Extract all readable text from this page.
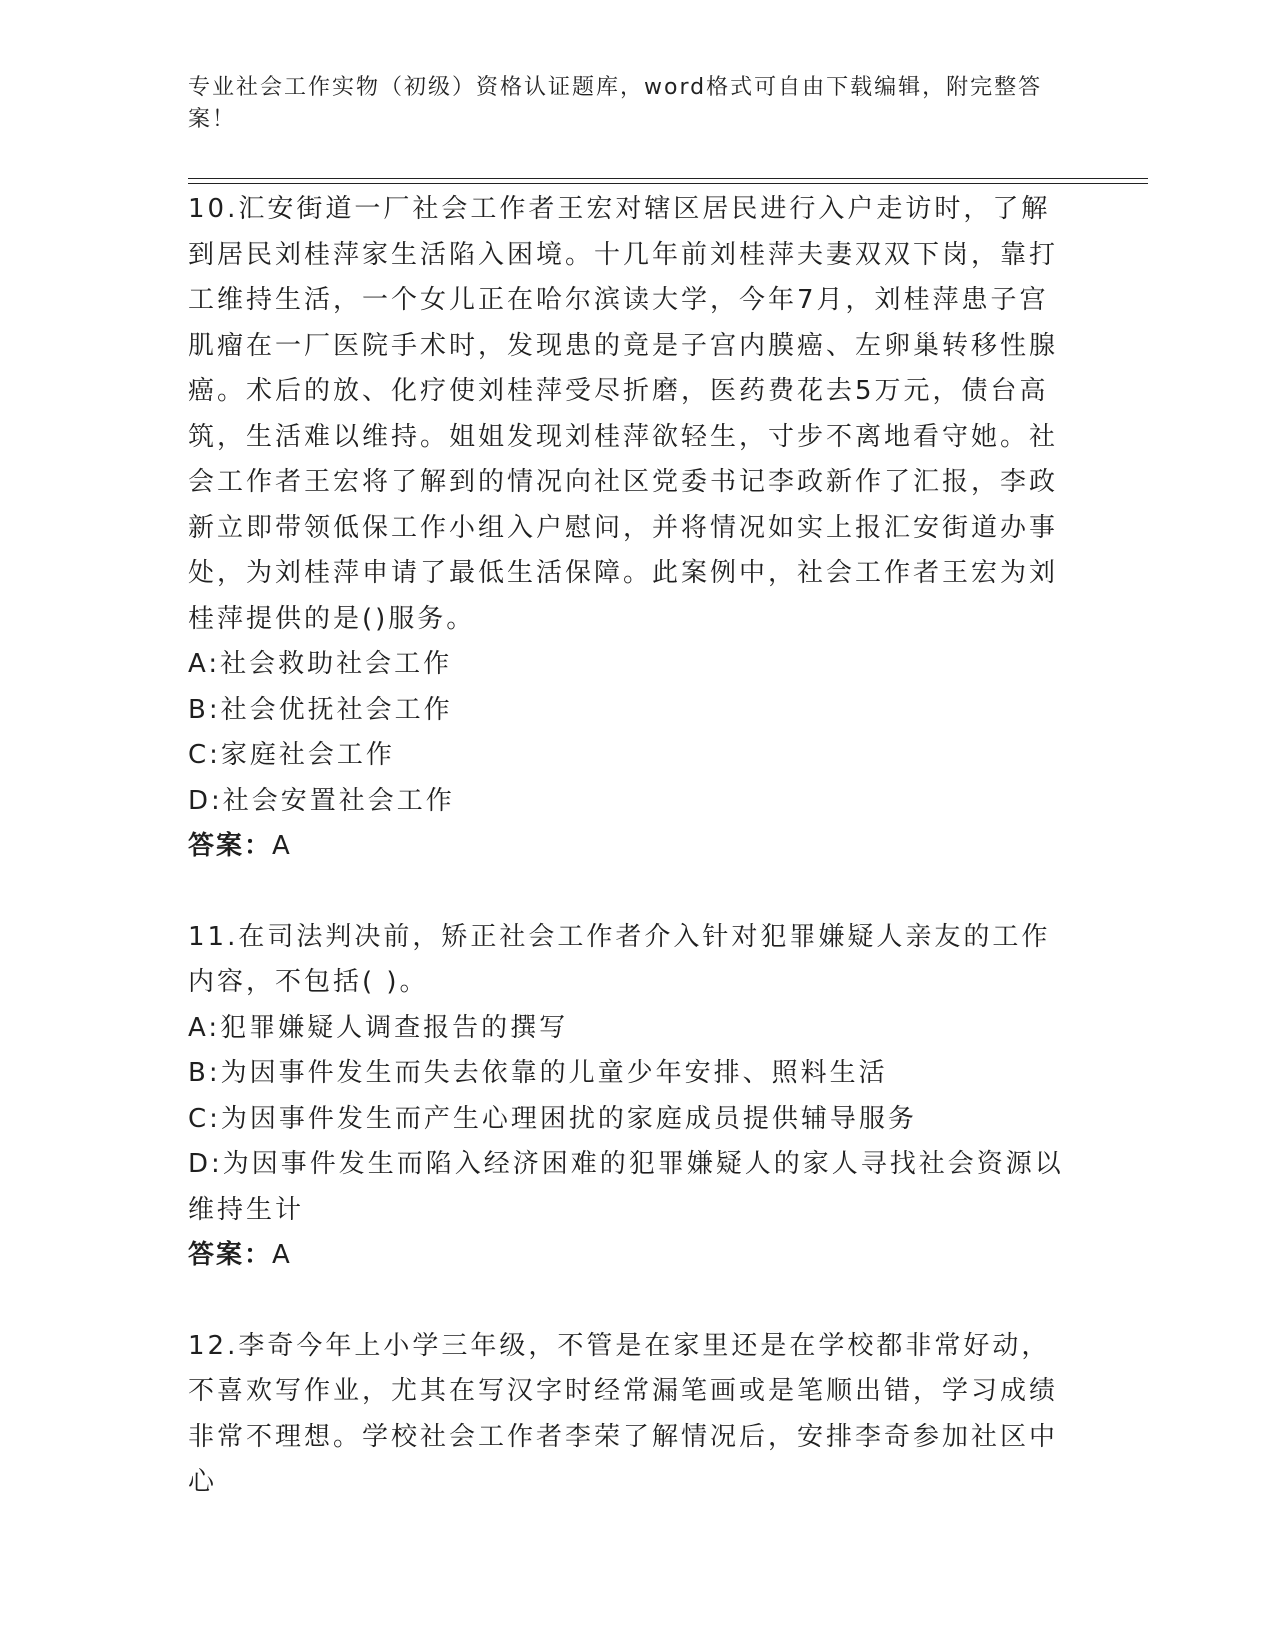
专业社会工作实物（初级）资格认证题库，word格式可自由下载编辑，附完整答案！

10.汇安街道一厂社会工作者王宏对辖区居民进行入户走访时，了解到居民刘桂萍家生活陷入困境。十几年前刘桂萍夫妻双双下岗，靠打工维持生活，一个女儿正在哈尔滨读大学，今年7月，刘桂萍患子宫肌瘤在一厂医院手术时，发现患的竟是子宫内膜癌、左卵巢转移性腺癌。术后的放、化疗使刘桂萍受尽折磨，医药费花去5万元，债台高筑，生活难以维持。姐姐发现刘桂萍欲轻生，寸步不离地看守她。社会工作者王宏将了解到的情况向社区党委书记李政新作了汇报，李政新立即带领低保工作小组入户慰问，并将情况如实上报汇安街道办事处，为刘桂萍申请了最低生活保障。此案例中，社会工作者王宏为刘桂萍提供的是()服务。

A:社会救助社会工作

B:社会优抚社会工作

C:家庭社会工作

D:社会安置社会工作

答案：A

11.在司法判决前，矫正社会工作者介入针对犯罪嫌疑人亲友的工作内容，不包括( )。

A:犯罪嫌疑人调查报告的撰写

B:为因事件发生而失去依靠的儿童少年安排、照料生活

C:为因事件发生而产生心理困扰的家庭成员提供辅导服务

D:为因事件发生而陷入经济困难的犯罪嫌疑人的家人寻找社会资源以维持生计

答案：A

12.李奇今年上小学三年级，不管是在家里还是在学校都非常好动，不喜欢写作业，尤其在写汉字时经常漏笔画或是笔顺出错，学习成绩非常不理想。学校社会工作者李荣了解情况后，安排李奇参加社区中心
